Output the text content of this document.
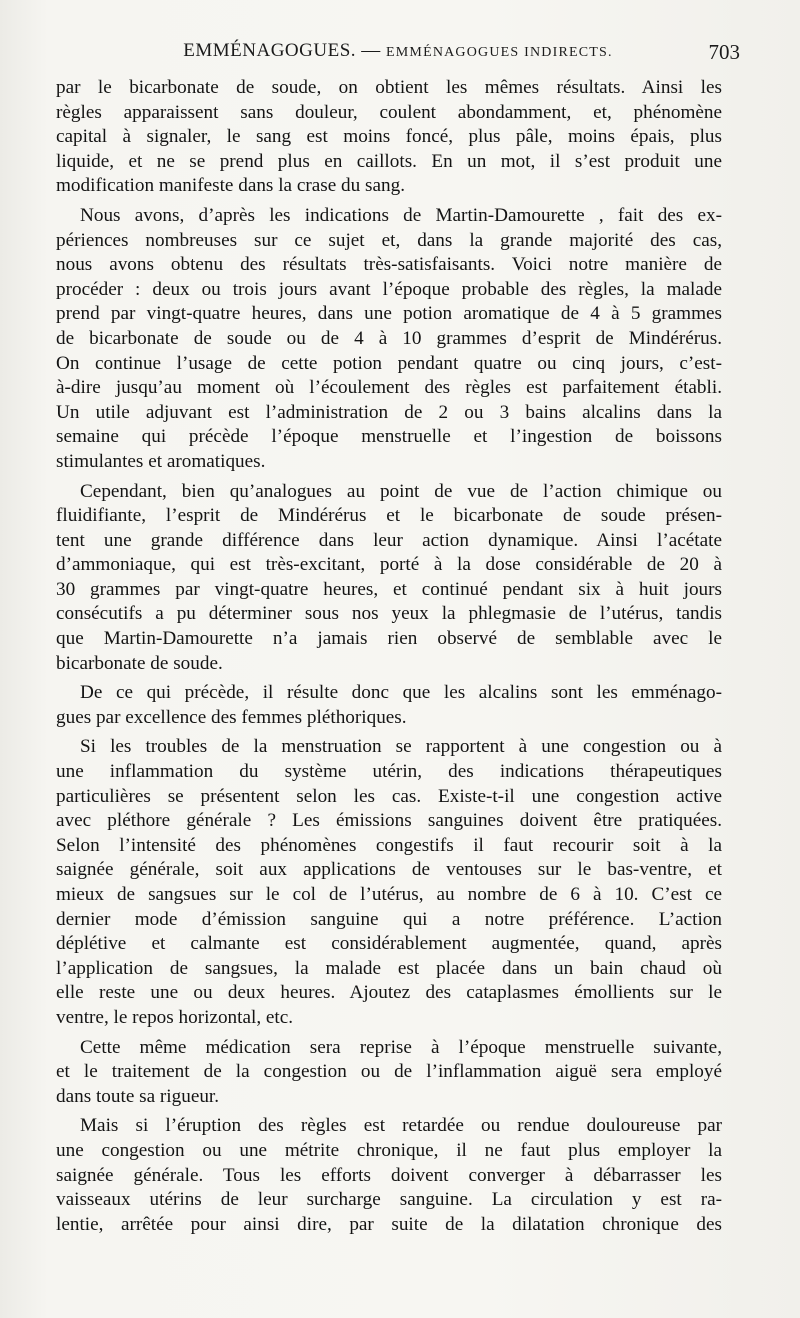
EMMÉNAGOGUES. — EMMÉNAGOGUES INDIRECTS.	703
par le bicarbonate de soude, on obtient les mêmes résultats. Ainsi les
règles apparaissent sans douleur, coulent abondamment, et, phénomène
capital à signaler, le sang est moins foncé, plus pâle, moins épais, plus
liquide, et ne se prend plus en caillots. En un mot, il s’est produit une
modification manifeste dans la crase du sang.
Nous avons, d’après les indications de Martin-Damourette , fait des ex-
périences nombreuses sur ce sujet et, dans la grande majorité des cas,
nous avons obtenu des résultats très-satisfaisants. Voici notre manière de
procéder : deux ou trois jours avant l’époque probable des règles, la malade
prend par vingt-quatre heures, dans une potion aromatique de 4 à 5 grammes
de bicarbonate de soude ou de 4 à 10 grammes d’esprit de Mindérérus.
On continue l’usage de cette potion pendant quatre ou cinq jours, c’est-
à-dire jusqu’au moment où l’écoulement des règles est parfaitement établi.
Un utile adjuvant est l’administration de 2 ou 3 bains alcalins dans la
semaine qui précède l’époque menstruelle et l’ingestion de boissons
stimulantes et aromatiques.
Cependant, bien qu’analogues au point de vue de l’action chimique ou
fluidifiante, l’esprit de Mindérérus et le bicarbonate de soude présen-
tent une grande différence dans leur action dynamique. Ainsi l’acétate
d’ammoniaque, qui est très-excitant, porté à la dose considérable de 20 à
30 grammes par vingt-quatre heures, et continué pendant six à huit jours
consécutifs a pu déterminer sous nos yeux la phlegmasie de l’utérus, tandis
que Martin-Damourette n’a jamais rien observé de semblable avec le
bicarbonate de soude.
De ce qui précède, il résulte donc que les alcalins sont les emménago-
gues par excellence des femmes pléthoriques.
Si les troubles de la menstruation se rapportent à une congestion ou à
une inflammation du système utérin, des indications thérapeutiques
particulières se présentent selon les cas. Existe-t-il une congestion active
avec pléthore générale ? Les émissions sanguines doivent être pratiquées.
Selon l’intensité des phénomènes congestifs il faut recourir soit à la
saignée générale, soit aux applications de ventouses sur le bas-ventre, et
mieux de sangsues sur le col de l’utérus, au nombre de 6 à 10. C’est ce
dernier mode d’émission sanguine qui a notre préférence. L’action
déplétive et calmante est considérablement augmentée, quand, après
l’application de sangsues, la malade est placée dans un bain chaud où
elle reste une ou deux heures. Ajoutez des cataplasmes émollients sur le
ventre, le repos horizontal, etc.
Cette même médication sera reprise à l’époque menstruelle suivante,
et le traitement de la congestion ou de l’inflammation aiguë sera employé
dans toute sa rigueur.
Mais si l’éruption des règles est retardée ou rendue douloureuse par
une congestion ou une métrite chronique, il ne faut plus employer la
saignée générale. Tous les efforts doivent converger à débarrasser les
vaisseaux utérins de leur surcharge sanguine. La circulation y est ra-
lentie, arrêtée pour ainsi dire, par suite de la dilatation chronique des
